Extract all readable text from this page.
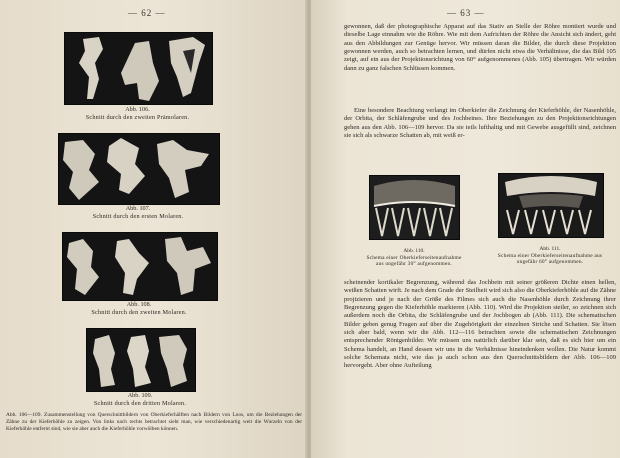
— 62 —
Abb. 106.
Schnitt durch den zweiten Prämolaren.
Abb. 107.
Schnitt durch den ersten Molaren.
Abb. 108.
Schnitt durch den zweiten Molaren.
Abb. 109.
Schnitt durch den dritten Molaren.
Abb. 106—109. Zusammenstellung von Querschnittbildern von Oberkieferhälften nach Bildern von Loos, um die Beziehungen der Zähne zu der Kieferhöhle zu zeigen. Von links nach rechts betrachtet sieht man, wie verschiedenartig weit die Wurzeln von der Kieferhöhle entfernt sind, wie sie aber auch die Kieferhöhle vorwölben können.
— 63 —

gewonnen, daß der photographische Apparat auf das Stativ an Stelle der Röhre montiert wurde und dieselbe Lage einnahm wie die Röhre. Wie mit dem Aufrichten der Röhre die Ansicht sich ändert, geht aus den Abbildungen zur Genüge hervor. Wir müssen daran die Bilder, die durch diese Projektion gewonnen werden, auch so betrachten lernen, und dürfen nicht etwa die Verhältnisse, die das Bild 105 zeigt, auf ein aus der Projektionsrichtung von 60° aufgenommenes (Abb. 105) übertragen. Wir würden dann zu ganz falschen Schlüssen kommen.

Eine besondere Beachtung verlangt im Oberkiefer die Zeichnung der Kieferhöhle, der Nasenhöhle, der Orbita, der Schläfengrube und des Jochbeines. Ihre Beziehungen zu den Projektionsrichtungen gehen aus den Abb. 106—109 hervor. Da sie teils lufthaltig und mit Gewebe ausgefüllt sind, zeichnen sie sich als schwarze Schatten ab, mit weiß er-

Abb. 110.
Schema einer Oberkieferseitenaufnahme aus ungefähr 30° aufgenommen.
Abb. 111.
Schema einer Oberkieferseitenaufnahme aus ungefähr 60° aufgenommen.

scheinender kortikaler Begrenzung, während das Jochbein mit seiner größeren Dichte einen hellen, weißen Schatten wirft. Je nach dem Grade der Steilheit wird sich also die Oberkieferhöhle auf die Zähne projizieren und je nach der Größe des Filmes sich auch die Nasenhöhle durch Zeichnung ihrer Begrenzung gegen die Kieferhöhle markieren (Abb. 110). Wird die Projektion steiler, so zeichnen sich außerdem noch die Orbita, die Schläfengrube und der Jochbogen ab (Abb. 111). Die schematischen Bilder geben genug Fragen auf über die Zugehörigkeit der einzelnen Striche und Schatten. Sie lösen sich aber bald, wenn wir die Abb. 112—116 betrachten sowie die schematischen Zeichnungen entsprechender Röntgenbilder. Wir müssen uns natürlich darüber klar sein, daß es sich hier um ein Schema handelt, an Hand dessen wir uns in die Verhältnisse hineindenken wollen. Die Natur kommt solche Schemata nicht, wie das ja auch schon aus den Querschnittsbildern der Abb. 106—109 hervorgeht. Aber ohne Aufteilung
